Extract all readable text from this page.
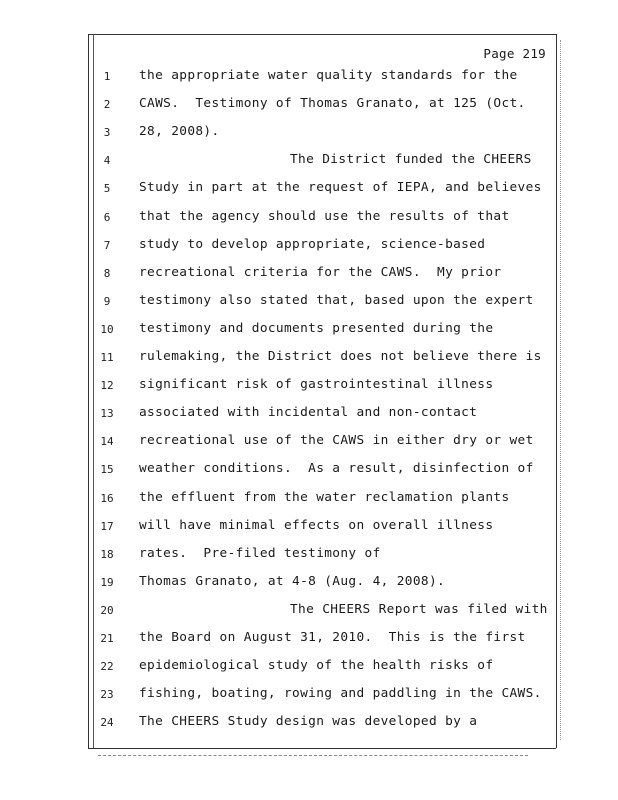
Page 219
1	the appropriate water quality standards for the
2	CAWS.  Testimony of Thomas Granato, at 125 (Oct.
3	28, 2008).
4	The District funded the CHEERS
5	Study in part at the request of IEPA, and believes
6	that the agency should use the results of that
7	study to develop appropriate, science-based
8	recreational criteria for the CAWS.  My prior
9	testimony also stated that, based upon the expert
10	testimony and documents presented during the
11	rulemaking, the District does not believe there is
12	significant risk of gastrointestinal illness
13	associated with incidental and non-contact
14	recreational use of the CAWS in either dry or wet
15	weather conditions.  As a result, disinfection of
16	the effluent from the water reclamation plants
17	will have minimal effects on overall illness
18	rates.  Pre-filed testimony of
19	Thomas Granato, at 4-8 (Aug. 4, 2008).
20	The CHEERS Report was filed with
21	the Board on August 31, 2010.  This is the first
22	epidemiological study of the health risks of
23	fishing, boating, rowing and paddling in the CAWS.
24	The CHEERS Study design was developed by a
